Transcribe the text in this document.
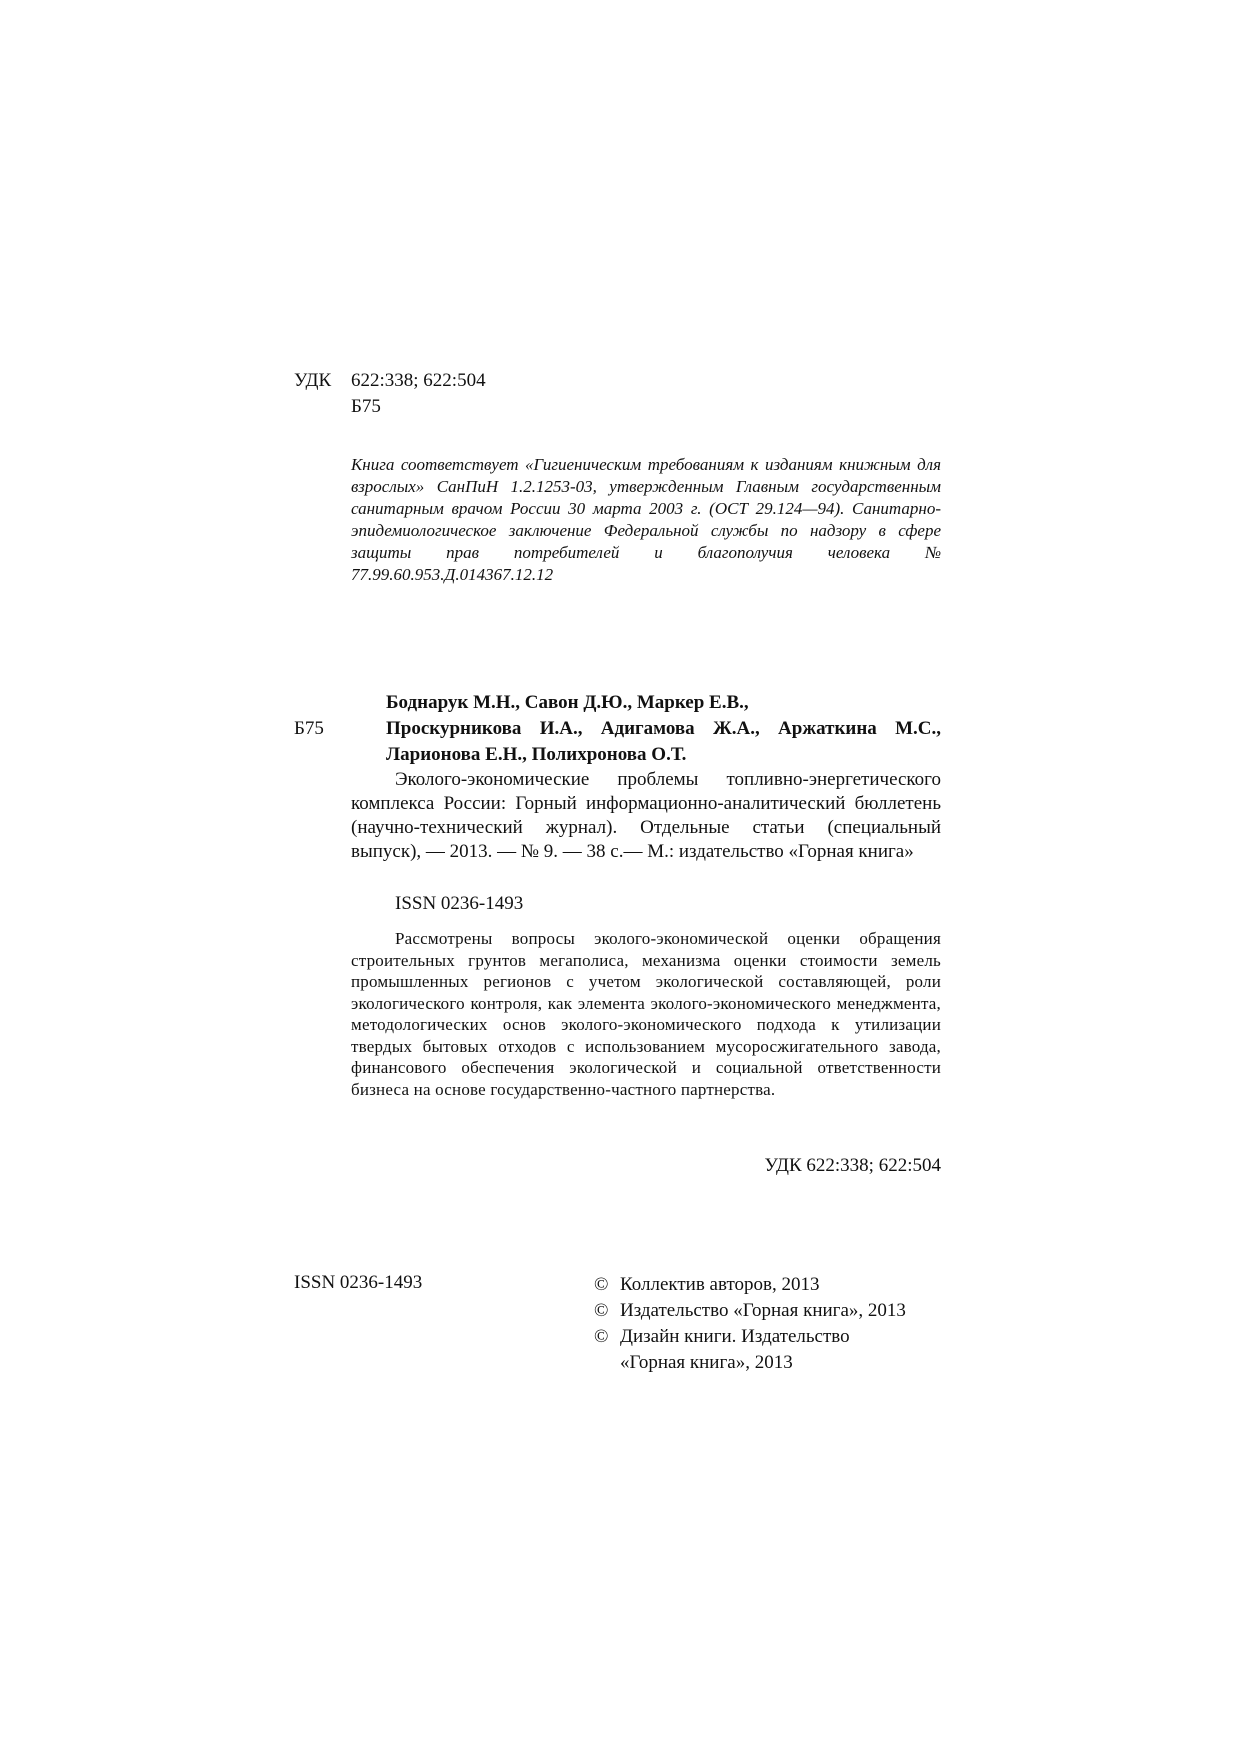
УДК 622:338; 622:504
Б75
Книга соответствует «Гигиеническим требованиям к изданиям книжным для взрослых» СанПиН 1.2.1253-03, утвержденным Главным государственным санитарным врачом России 30 марта 2003 г. (ОСТ 29.124—94). Санитарно-эпидемиологическое заключение Федеральной службы по надзору в сфере защиты прав потребителей и благополучия человека № 77.99.60.953.Д.014367.12.12
Б75
Боднарук М.Н., Савон Д.Ю., Маркер Е.В.,
Проскурникова И.А., Адигамова Ж.А., Аржаткина М.С.,
Ларионова Е.Н., Полихронова О.Т.
Эколого-экономические проблемы топливно-энергетического комплекса России: Горный информационно-аналитический бюллетень (научно-технический журнал). Отдельные статьи (специальный выпуск), — 2013. — № 9. — 38 с.— М.: издательство «Горная книга»
ISSN 0236-1493
Рассмотрены вопросы эколого-экономической оценки обращения строительных грунтов мегаполиса, механизма оценки стоимости земель промышленных регионов с учетом экологической составляющей, роли экологического контроля, как элемента эколого-экономического менеджмента, методологических основ эколого-экономического подхода к утилизации твердых бытовых отходов с использованием мусоросжигательного завода, финансового обеспечения экологической и социальной ответственности бизнеса на основе государственно-частного партнерства.
УДК 622:338; 622:504
ISSN 0236-1493	© Коллектив авторов, 2013
© Издательство «Горная книга», 2013
© Дизайн книги. Издательство
«Горная книга», 2013
